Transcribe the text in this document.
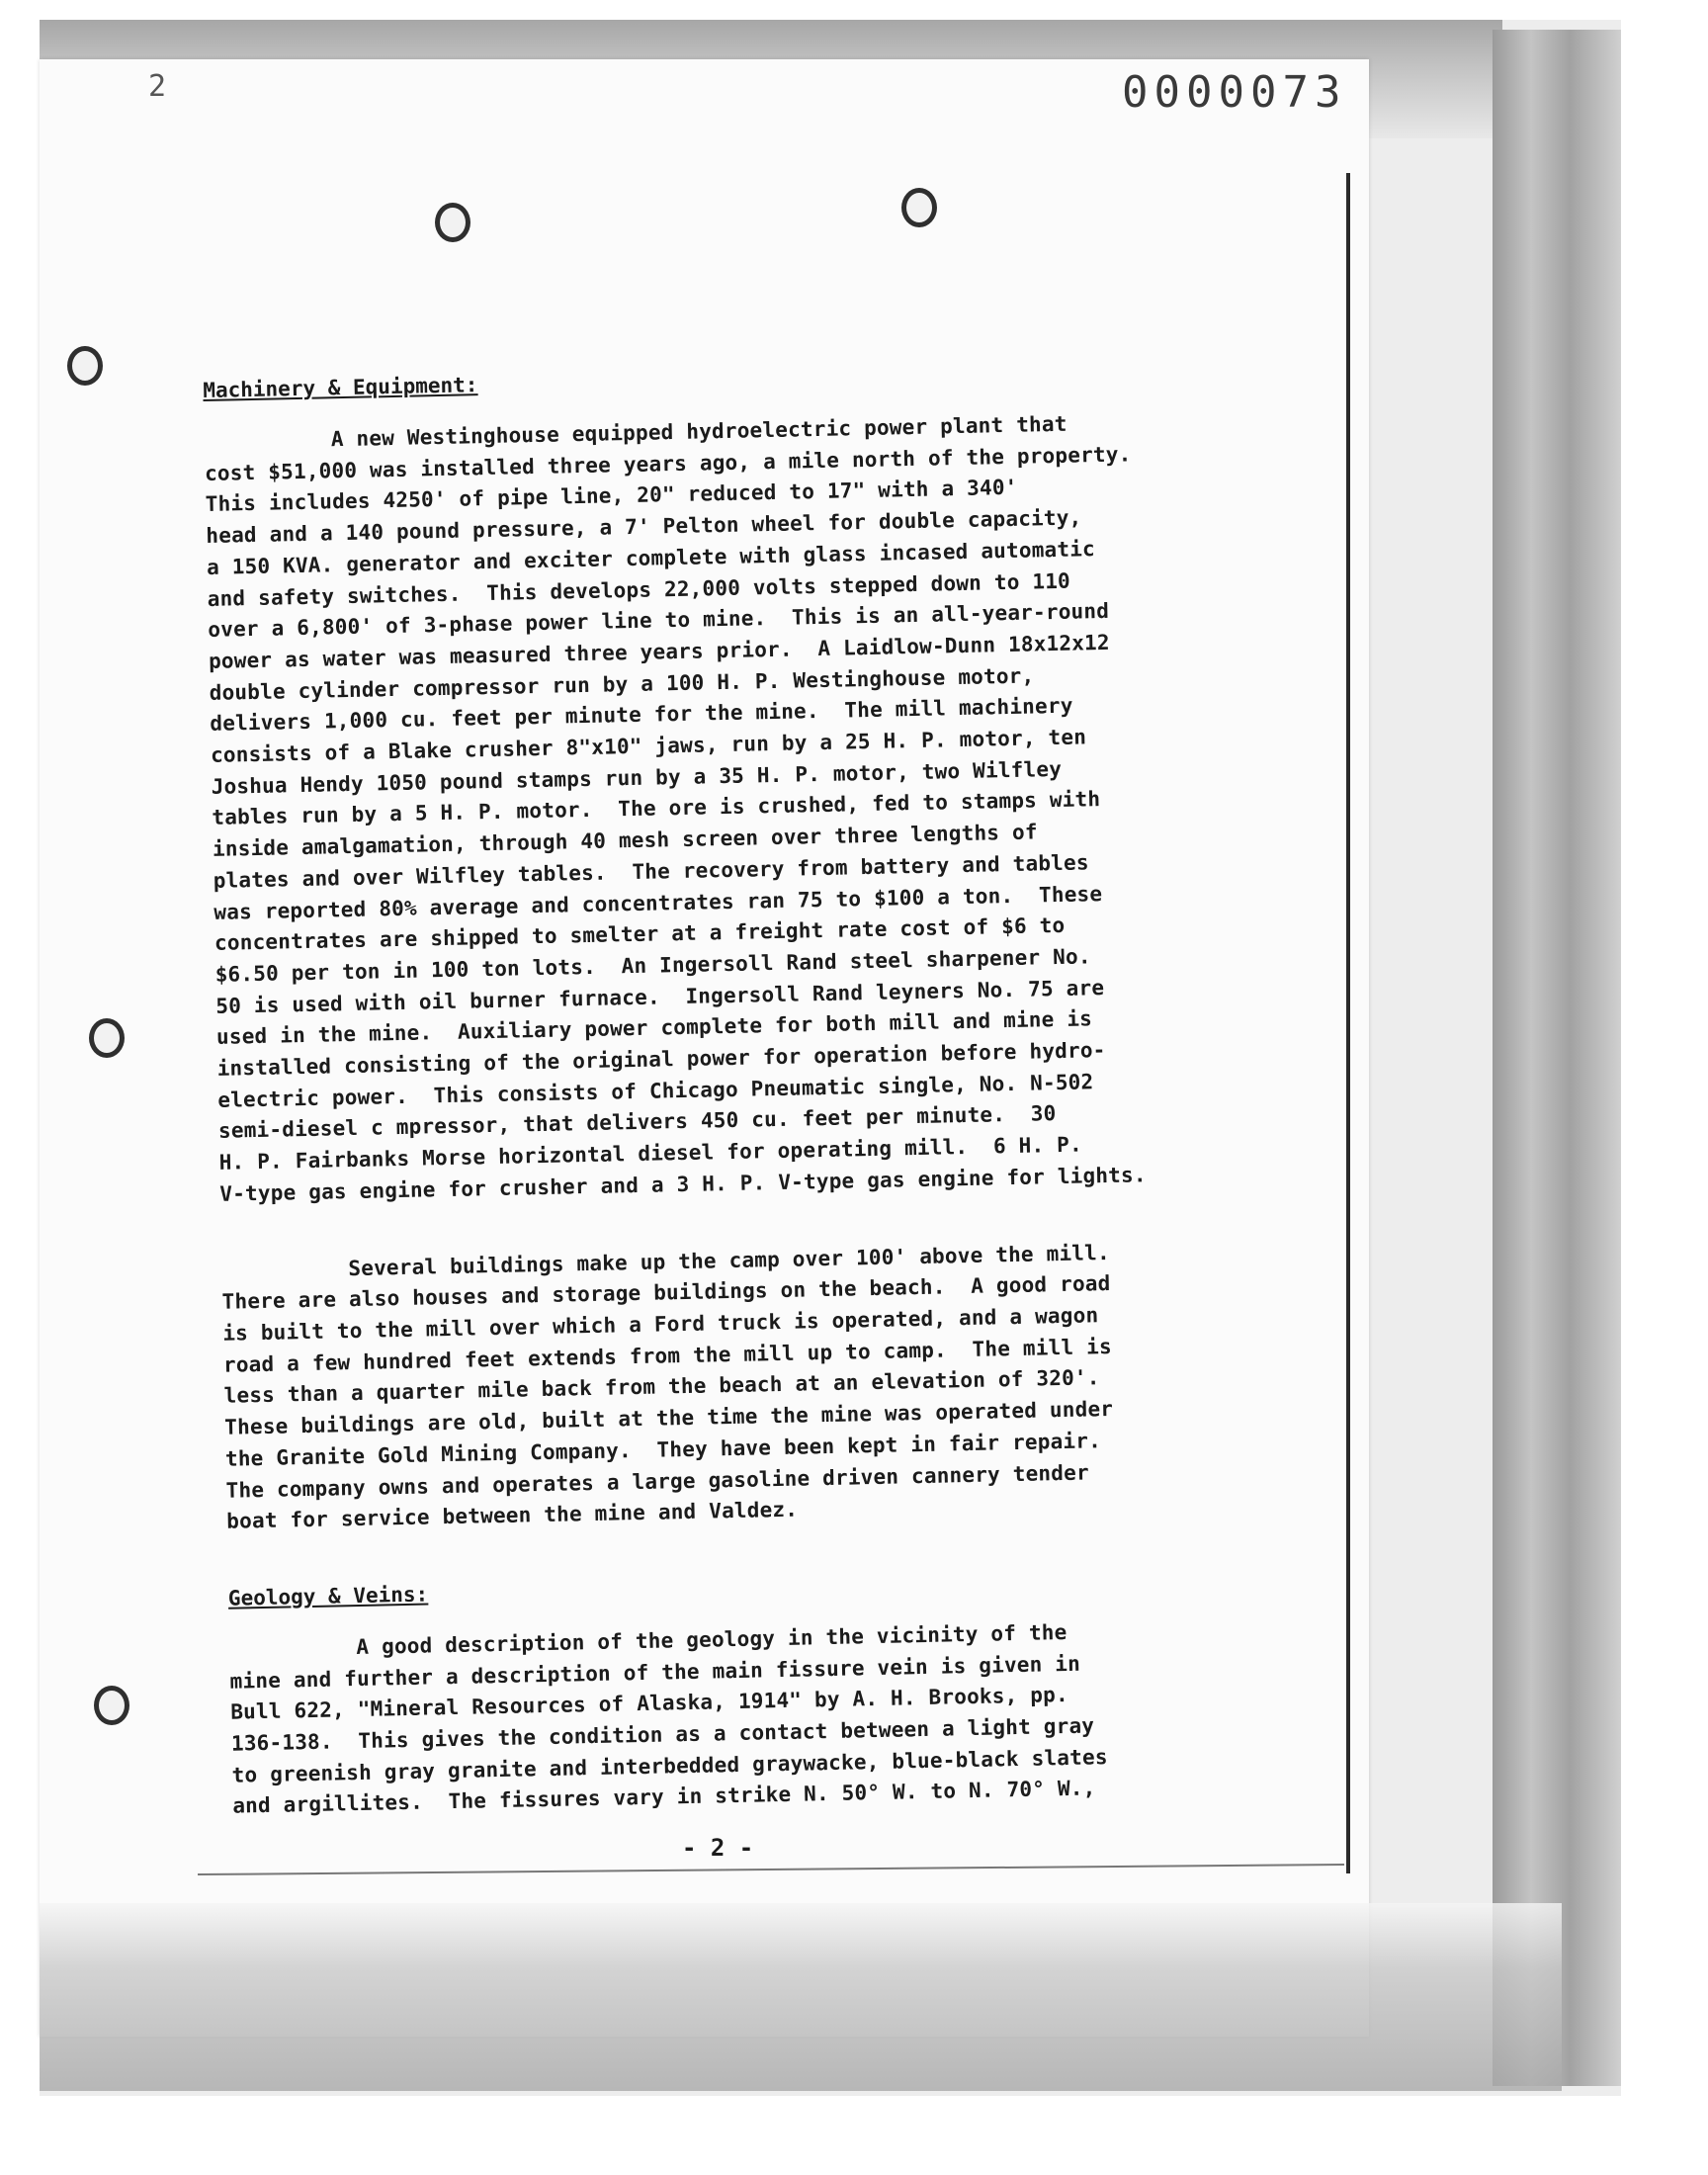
2	0000073
Machinery & Equipment:

A new Westinghouse equipped hydroelectric power plant that

cost $51,000 was installed three years ago, a mile north of the property.

This includes 4250' of pipe line, 20" reduced to 17" with a 340'

head and a 140 pound pressure, a 7' Pelton wheel for double capacity,

a 150 KVA. generator and exciter complete with glass incased automatic

and safety switches.  This develops 22,000 volts stepped down to 110

over a 6,800' of 3-phase power line to mine.  This is an all-year-round

power as water was measured three years prior.  A Laidlow-Dunn 18x12x12

double cylinder compressor run by a 100 H. P. Westinghouse motor,

delivers 1,000 cu. feet per minute for the mine.  The mill machinery

consists of a Blake crusher 8"x10" jaws, run by a 25 H. P. motor, ten

Joshua Hendy 1050 pound stamps run by a 35 H. P. motor, two Wilfley

tables run by a 5 H. P. motor.  The ore is crushed, fed to stamps with

inside amalgamation, through 40 mesh screen over three lengths of

plates and over Wilfley tables.  The recovery from battery and tables

was reported 80% average and concentrates ran 75 to $100 a ton.  These

concentrates are shipped to smelter at a freight rate cost of $6 to

$6.50 per ton in 100 ton lots.  An Ingersoll Rand steel sharpener No.

50 is used with oil burner furnace.  Ingersoll Rand leyners No. 75 are

used in the mine.  Auxiliary power complete for both mill and mine is

installed consisting of the original power for operation before hydro-

electric power.  This consists of Chicago Pneumatic single, No. N-502

semi-diesel c mpressor, that delivers 450 cu. feet per minute.  30

H. P. Fairbanks Morse horizontal diesel for operating mill.  6 H. P.

V-type gas engine for crusher and a 3 H. P. V-type gas engine for lights.

Several buildings make up the camp over 100' above the mill.

There are also houses and storage buildings on the beach.  A good road

is built to the mill over which a Ford truck is operated, and a wagon

road a few hundred feet extends from the mill up to camp.  The mill is

less than a quarter mile back from the beach at an elevation of 320'.

These buildings are old, built at the time the mine was operated under

the Granite Gold Mining Company.  They have been kept in fair repair.

The company owns and operates a large gasoline driven cannery tender

boat for service between the mine and Valdez.

Geology & Veins:

A good description of the geology in the vicinity of the

mine and further a description of the main fissure vein is given in

Bull 622, "Mineral Resources of Alaska, 1914" by A. H. Brooks, pp.

136-138.  This gives the condition as a contact between a light gray

to greenish gray granite and interbedded graywacke, blue-black slates

and argillites.  The fissures vary in strike N. 50° W. to N. 70° W.,

- 2 -
